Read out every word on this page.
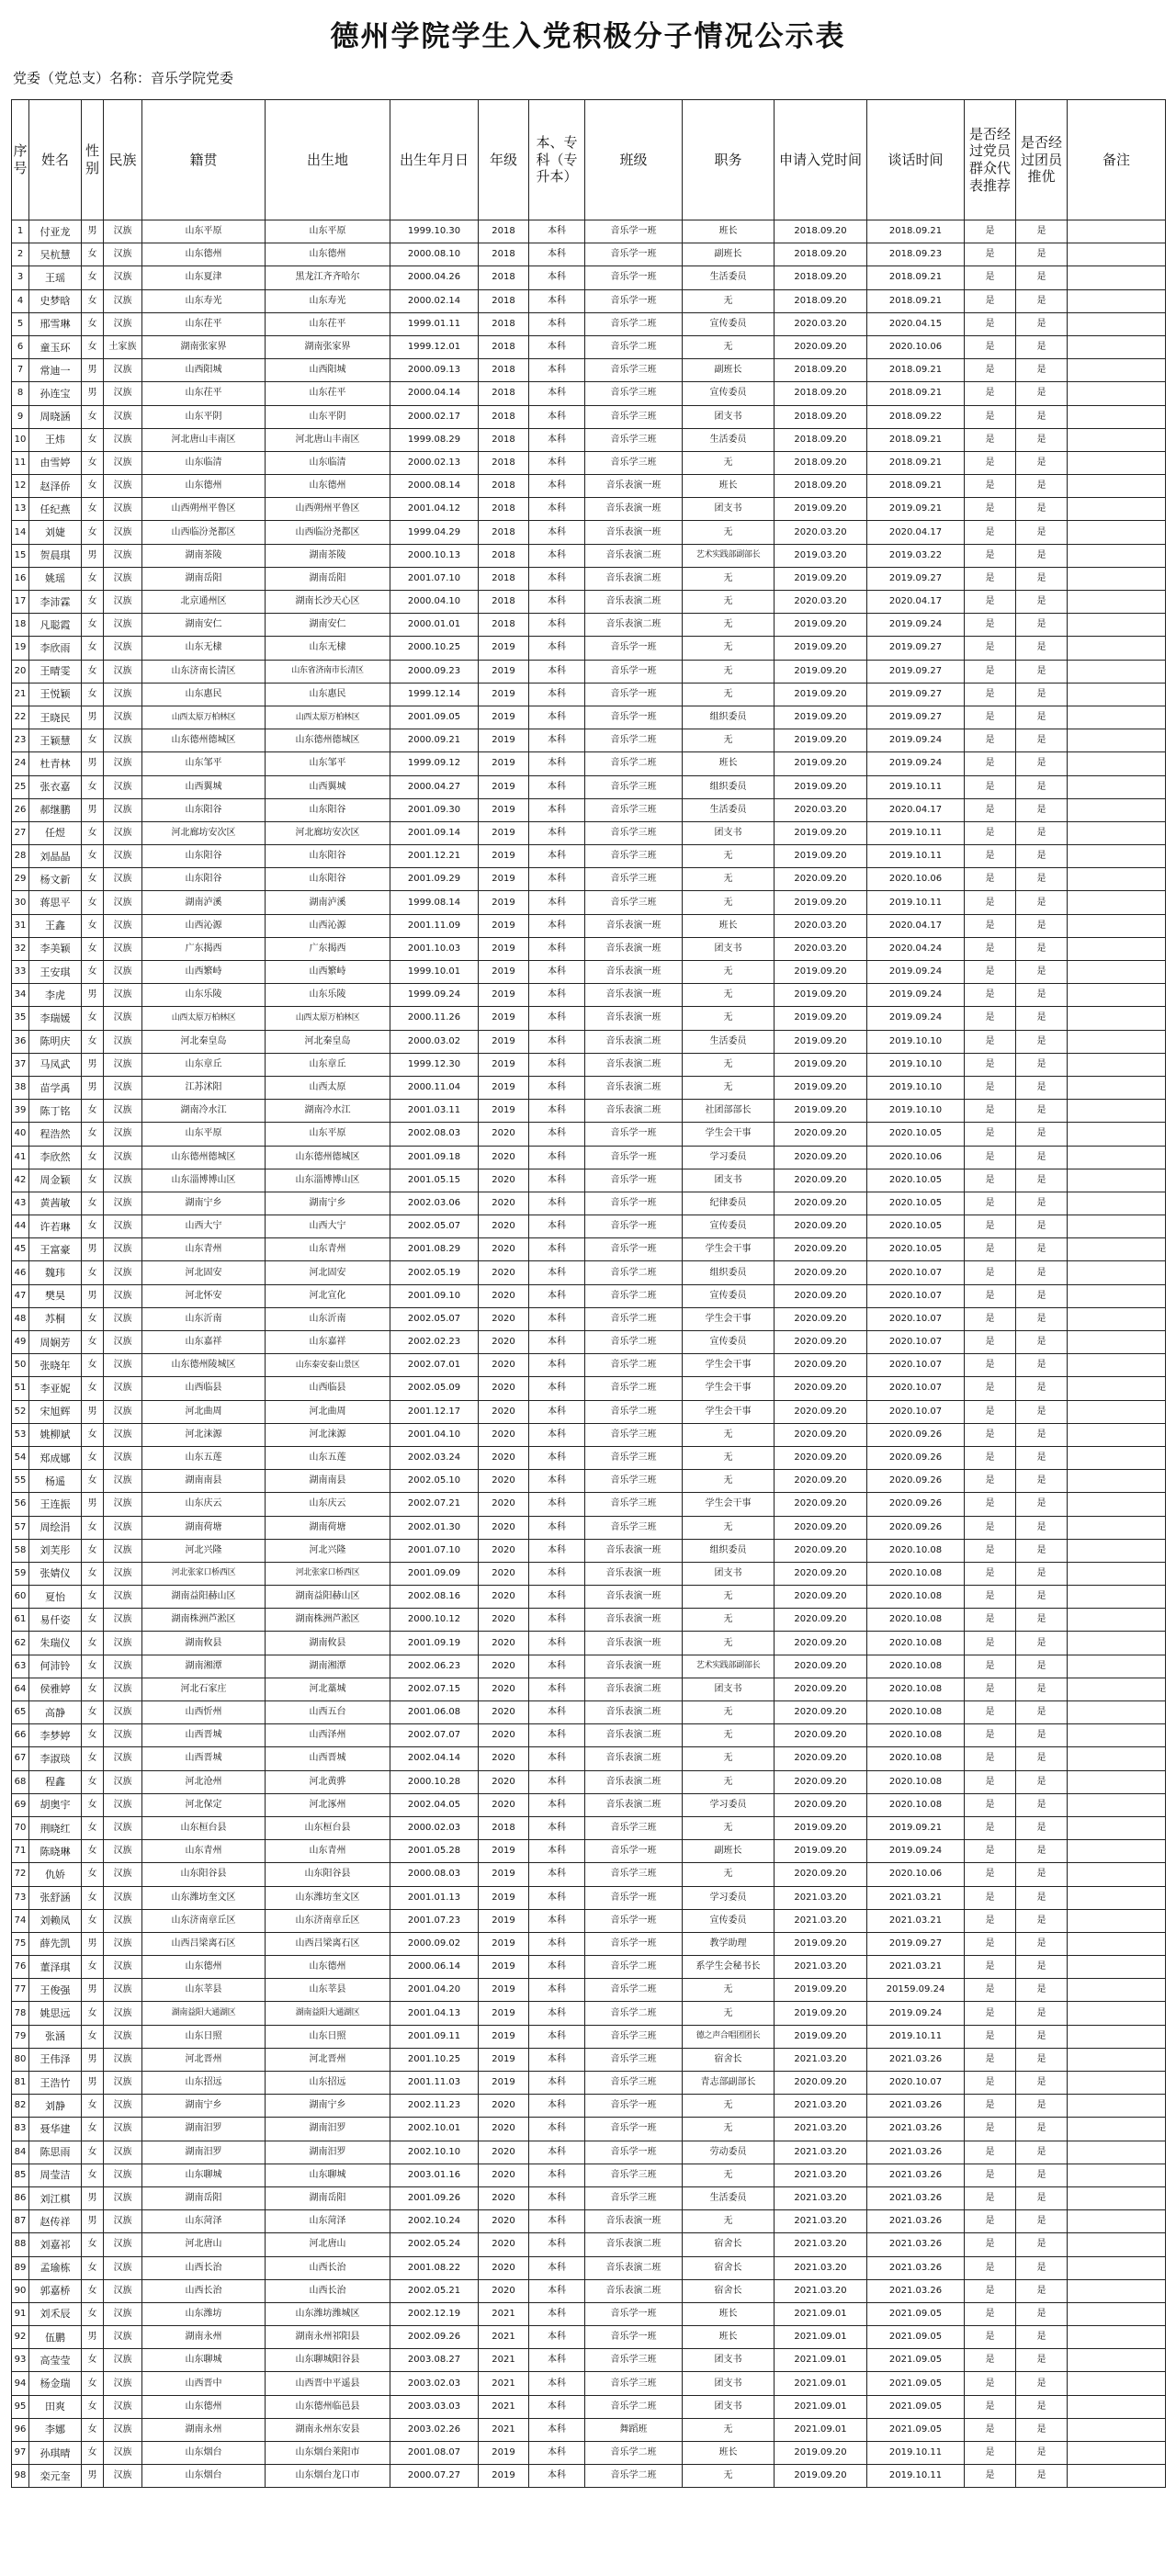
德州学院学生入党积极分子情况公示表
党委（党总支）名称：音乐学院党委
序号	姓名	性别	民族	籍贯	出生地	出生年月日	年级	本、专科（专升本）	班级	职务	申请入党时间	谈话时间	是否经过党员群众代表推荐	是否经过团员推优	备注
1	付亚龙	男	汉族	山东平原	山东平原	1999.10.30	2018	本科	音乐学一班	班长	2018.09.20	2018.09.21	是	是	
2	吴杭慧	女	汉族	山东德州	山东德州	2000.08.10	2018	本科	音乐学一班	副班长	2018.09.20	2018.09.23	是	是	
3	王瑶	女	汉族	山东夏津	黑龙江齐齐哈尔	2000.04.26	2018	本科	音乐学一班	生活委员	2018.09.20	2018.09.21	是	是	
4	史梦晗	女	汉族	山东寿光	山东寿光	2000.02.14	2018	本科	音乐学一班	无	2018.09.20	2018.09.21	是	是	
5	邢雪琳	女	汉族	山东茌平	山东茌平	1999.01.11	2018	本科	音乐学二班	宣传委员	2020.03.20	2020.04.15	是	是	
6	童玉环	女	土家族	湖南张家界	湖南张家界	1999.12.01	2018	本科	音乐学二班	无	2020.09.20	2020.10.06	是	是	
7	常迪一	男	汉族	山西阳城	山西阳城	2000.09.13	2018	本科	音乐学三班	副班长	2018.09.20	2018.09.21	是	是	
8	孙连宝	男	汉族	山东茌平	山东茌平	2000.04.14	2018	本科	音乐学三班	宣传委员	2018.09.20	2018.09.21	是	是	
9	周晓涵	女	汉族	山东平阴	山东平阴	2000.02.17	2018	本科	音乐学三班	团支书	2018.09.20	2018.09.22	是	是	
10	王炜	女	汉族	河北唐山丰南区	河北唐山丰南区	1999.08.29	2018	本科	音乐学三班	生活委员	2018.09.20	2018.09.21	是	是	
11	由雪婷	女	汉族	山东临清	山东临清	2000.02.13	2018	本科	音乐学三班	无	2018.09.20	2018.09.21	是	是	
12	赵泽侨	女	汉族	山东德州	山东德州	2000.08.14	2018	本科	音乐表演一班	班长	2018.09.20	2018.09.21	是	是	
13	任纪燕	女	汉族	山西朔州平鲁区	山西朔州平鲁区	2001.04.12	2018	本科	音乐表演一班	团支书	2019.09.20	2019.09.21	是	是	
14	刘婕	女	汉族	山西临汾尧都区	山西临汾尧都区	1999.04.29	2018	本科	音乐表演一班	无	2020.03.20	2020.04.17	是	是	
15	贺晨琪	男	汉族	湖南茶陵	湖南茶陵	2000.10.13	2018	本科	音乐表演二班	艺术实践部副部长	2019.03.20	2019.03.22	是	是	
16	姚瑶	女	汉族	湖南岳阳	湖南岳阳	2001.07.10	2018	本科	音乐表演二班	无	2019.09.20	2019.09.27	是	是	
17	李沛霖	女	汉族	北京通州区	湖南长沙天心区	2000.04.10	2018	本科	音乐表演二班	无	2020.03.20	2020.04.17	是	是	
18	凡聪霞	女	汉族	湖南安仁	湖南安仁	2000.01.01	2018	本科	音乐表演二班	无	2019.09.20	2019.09.24	是	是	
19	李欣雨	女	汉族	山东无棣	山东无棣	2000.10.25	2019	本科	音乐学一班	无	2019.09.20	2019.09.27	是	是	
20	王晴雯	女	汉族	山东济南长清区	山东省济南市长清区	2000.09.23	2019	本科	音乐学一班	无	2019.09.20	2019.09.27	是	是	
21	王悦颖	女	汉族	山东惠民	山东惠民	1999.12.14	2019	本科	音乐学一班	无	2019.09.20	2019.09.27	是	是	
22	王晓民	男	汉族	山西太原万柏林区	山西太原万柏林区	2001.09.05	2019	本科	音乐学一班	组织委员	2019.09.20	2019.09.27	是	是	
23	王颖慧	女	汉族	山东德州德城区	山东德州德城区	2000.09.21	2019	本科	音乐学二班	无	2019.09.20	2019.09.24	是	是	
24	杜青林	男	汉族	山东邹平	山东邹平	1999.09.12	2019	本科	音乐学二班	班长	2019.09.20	2019.09.24	是	是	
25	张衣嘉	女	汉族	山西翼城	山西翼城	2000.04.27	2019	本科	音乐学三班	组织委员	2019.09.20	2019.10.11	是	是	
26	郝继鹏	男	汉族	山东阳谷	山东阳谷	2001.09.30	2019	本科	音乐学三班	生活委员	2020.03.20	2020.04.17	是	是	
27	任煜	女	汉族	河北廊坊安次区	河北廊坊安次区	2001.09.14	2019	本科	音乐学三班	团支书	2019.09.20	2019.10.11	是	是	
28	刘晶晶	女	汉族	山东阳谷	山东阳谷	2001.12.21	2019	本科	音乐学三班	无	2019.09.20	2019.10.11	是	是	
29	杨文新	女	汉族	山东阳谷	山东阳谷	2001.09.29	2019	本科	音乐学三班	无	2020.09.20	2020.10.06	是	是	
30	蒋思平	女	汉族	湖南泸溪	湖南泸溪	1999.08.14	2019	本科	音乐学三班	无	2019.09.20	2019.10.11	是	是	
31	王鑫	女	汉族	山西沁源	山西沁源	2001.11.09	2019	本科	音乐表演一班	班长	2020.03.20	2020.04.17	是	是	
32	李美颖	女	汉族	广东揭西	广东揭西	2001.10.03	2019	本科	音乐表演一班	团支书	2020.03.20	2020.04.24	是	是	
33	王安琪	女	汉族	山西繁峙	山西繁峙	1999.10.01	2019	本科	音乐表演一班	无	2019.09.20	2019.09.24	是	是	
34	李虎	男	汉族	山东乐陵	山东乐陵	1999.09.24	2019	本科	音乐表演一班	无	2019.09.20	2019.09.24	是	是	
35	李瑞媛	女	汉族	山西太原万柏林区	山西太原万柏林区	2000.11.26	2019	本科	音乐表演一班	无	2019.09.20	2019.09.24	是	是	
36	陈明庆	女	汉族	河北秦皇岛	河北秦皇岛	2000.03.02	2019	本科	音乐表演二班	生活委员	2019.09.20	2019.10.10	是	是	
37	马凤武	男	汉族	山东章丘	山东章丘	1999.12.30	2019	本科	音乐表演二班	无	2019.09.20	2019.10.10	是	是	
38	苗学禹	男	汉族	江苏沭阳	山西太原	2000.11.04	2019	本科	音乐表演二班	无	2019.09.20	2019.10.10	是	是	
39	陈丁铭	女	汉族	湖南冷水江	湖南冷水江	2001.03.11	2019	本科	音乐表演二班	社团部部长	2019.09.20	2019.10.10	是	是	
40	程浩然	女	汉族	山东平原	山东平原	2002.08.03	2020	本科	音乐学一班	学生会干事	2020.09.20	2020.10.05	是	是	
41	李欣然	女	汉族	山东德州德城区	山东德州德城区	2001.09.18	2020	本科	音乐学一班	学习委员	2020.09.20	2020.10.06	是	是	
42	周金颖	女	汉族	山东淄博博山区	山东淄博博山区	2001.05.15	2020	本科	音乐学一班	团支书	2020.09.20	2020.10.05	是	是	
43	黄茜敏	女	汉族	湖南宁乡	湖南宁乡	2002.03.06	2020	本科	音乐学一班	纪律委员	2020.09.20	2020.10.05	是	是	
44	许若琳	女	汉族	山西大宁	山西大宁	2002.05.07	2020	本科	音乐学一班	宣传委员	2020.09.20	2020.10.05	是	是	
45	王富豪	男	汉族	山东青州	山东青州	2001.08.29	2020	本科	音乐学一班	学生会干事	2020.09.20	2020.10.05	是	是	
46	魏玮	女	汉族	河北固安	河北固安	2002.05.19	2020	本科	音乐学二班	组织委员	2020.09.20	2020.10.07	是	是	
47	樊昊	男	汉族	河北怀安	河北宣化	2001.09.10	2020	本科	音乐学二班	宣传委员	2020.09.20	2020.10.07	是	是	
48	苏桐	女	汉族	山东沂南	山东沂南	2002.05.07	2020	本科	音乐学二班	学生会干事	2020.09.20	2020.10.07	是	是	
49	周娴芳	女	汉族	山东嘉祥	山东嘉祥	2002.02.23	2020	本科	音乐学二班	宣传委员	2020.09.20	2020.10.07	是	是	
50	张晓年	女	汉族	山东德州陵城区	山东泰安泰山景区	2002.07.01	2020	本科	音乐学二班	学生会干事	2020.09.20	2020.10.07	是	是	
51	李亚妮	女	汉族	山西临县	山西临县	2002.05.09	2020	本科	音乐学二班	学生会干事	2020.09.20	2020.10.07	是	是	
52	宋旭辉	男	汉族	河北曲周	河北曲周	2001.12.17	2020	本科	音乐学二班	学生会干事	2020.09.20	2020.10.07	是	是	
53	姚柳斌	女	汉族	河北涞源	河北涞源	2001.04.10	2020	本科	音乐学三班	无	2020.09.20	2020.09.26	是	是	
54	郑成娜	女	汉族	山东五莲	山东五莲	2002.03.24	2020	本科	音乐学三班	无	2020.09.20	2020.09.26	是	是	
55	杨遥	女	汉族	湖南南县	湖南南县	2002.05.10	2020	本科	音乐学三班	无	2020.09.20	2020.09.26	是	是	
56	王连振	男	汉族	山东庆云	山东庆云	2002.07.21	2020	本科	音乐学三班	学生会干事	2020.09.20	2020.09.26	是	是	
57	周绘涓	女	汉族	湖南荷塘	湖南荷塘	2002.01.30	2020	本科	音乐学三班	无	2020.09.20	2020.09.26	是	是	
58	刘芙彤	女	汉族	河北兴隆	河北兴隆	2001.07.10	2020	本科	音乐表演一班	组织委员	2020.09.20	2020.10.08	是	是	
59	张婧仪	女	汉族	河北张家口桥西区	河北张家口桥西区	2001.09.09	2020	本科	音乐表演一班	团支书	2020.09.20	2020.10.08	是	是	
60	夏怡	女	汉族	湖南益阳赫山区	湖南益阳赫山区	2002.08.16	2020	本科	音乐表演一班	无	2020.09.20	2020.10.08	是	是	
61	易仟姿	女	汉族	湖南株洲芦淞区	湖南株洲芦淞区	2000.10.12	2020	本科	音乐表演一班	无	2020.09.20	2020.10.08	是	是	
62	朱瑞仪	女	汉族	湖南攸县	湖南攸县	2001.09.19	2020	本科	音乐表演一班	无	2020.09.20	2020.10.08	是	是	
63	何沛铃	女	汉族	湖南湘潭	湖南湘潭	2002.06.23	2020	本科	音乐表演一班	艺术实践部副部长	2020.09.20	2020.10.08	是	是	
64	侯雅婷	女	汉族	河北石家庄	河北藁城	2002.07.15	2020	本科	音乐表演二班	团支书	2020.09.20	2020.10.08	是	是	
65	高静	女	汉族	山西忻州	山西五台	2001.06.08	2020	本科	音乐表演二班	无	2020.09.20	2020.10.08	是	是	
66	李梦婷	女	汉族	山西晋城	山西泽州	2002.07.07	2020	本科	音乐表演二班	无	2020.09.20	2020.10.08	是	是	
67	李淑琰	女	汉族	山西晋城	山西晋城	2002.04.14	2020	本科	音乐表演二班	无	2020.09.20	2020.10.08	是	是	
68	程鑫	女	汉族	河北沧州	河北黄骅	2000.10.28	2020	本科	音乐表演二班	无	2020.09.20	2020.10.08	是	是	
69	胡奥宇	女	汉族	河北保定	河北涿州	2002.04.05	2020	本科	音乐表演二班	学习委员	2020.09.20	2020.10.08	是	是	
70	荆晓红	女	汉族	山东桓台县	山东桓台县	2000.02.03	2018	本科	音乐学三班	无	2019.09.20	2019.09.21	是	是	
71	陈晓琳	女	汉族	山东青州	山东青州	2001.05.28	2019	本科	音乐学一班	副班长	2019.09.20	2019.09.24	是	是	
72	仇娇	女	汉族	山东阳谷县	山东阳谷县	2000.08.03	2019	本科	音乐学三班	无	2020.09.20	2020.10.06	是	是	
73	张舒涵	女	汉族	山东潍坊奎文区	山东潍坊奎文区	2001.01.13	2019	本科	音乐学一班	学习委员	2021.03.20	2021.03.21	是	是	
74	刘赖凤	女	汉族	山东济南章丘区	山东济南章丘区	2001.07.23	2019	本科	音乐学一班	宣传委员	2021.03.20	2021.03.21	是	是	
75	薛先凯	男	汉族	山西吕梁离石区	山西吕梁离石区	2000.09.02	2019	本科	音乐学一班	教学助理	2019.09.20	2019.09.27	是	是	
76	董泽琪	女	汉族	山东德州	山东德州	2000.06.14	2019	本科	音乐学二班	系学生会秘书长	2021.03.20	2021.03.21	是	是	
77	王俊强	男	汉族	山东莘县	山东莘县	2001.04.20	2019	本科	音乐学二班	无	2019.09.20	20159.09.24	是	是	
78	姚思远	女	汉族	湖南益阳大通湖区	湖南益阳大通湖区	2001.04.13	2019	本科	音乐学二班	无	2019.09.20	2019.09.24	是	是	
79	张涵	女	汉族	山东日照	山东日照	2001.09.11	2019	本科	音乐学三班	德之声合唱团团长	2019.09.20	2019.10.11	是	是	
80	王伟泽	男	汉族	河北晋州	河北晋州	2001.10.25	2019	本科	音乐学三班	宿舍长	2021.03.20	2021.03.26	是	是	
81	王浩竹	男	汉族	山东招远	山东招远	2001.11.03	2019	本科	音乐学三班	青志部副部长	2020.09.20	2020.10.07	是	是	
82	刘静	女	汉族	湖南宁乡	湖南宁乡	2002.11.23	2020	本科	音乐学一班	无	2021.03.20	2021.03.26	是	是	
83	聂华建	女	汉族	湖南汨罗	湖南汨罗	2002.10.01	2020	本科	音乐学一班	无	2021.03.20	2021.03.26	是	是	
84	陈思雨	女	汉族	湖南汨罗	湖南汨罗	2002.10.10	2020	本科	音乐学一班	劳动委员	2021.03.20	2021.03.26	是	是	
85	周莹洁	女	汉族	山东聊城	山东聊城	2003.01.16	2020	本科	音乐学三班	无	2021.03.20	2021.03.26	是	是	
86	刘江棋	男	汉族	湖南岳阳	湖南岳阳	2001.09.26	2020	本科	音乐学三班	生活委员	2021.03.20	2021.03.26	是	是	
87	赵传祥	男	汉族	山东菏泽	山东菏泽	2002.10.24	2020	本科	音乐表演一班	无	2021.03.20	2021.03.26	是	是	
88	刘嘉祁	女	汉族	河北唐山	河北唐山	2002.05.24	2020	本科	音乐表演二班	宿舍长	2021.03.20	2021.03.26	是	是	
89	孟瑜栋	女	汉族	山西长治	山西长治	2001.08.22	2020	本科	音乐表演二班	宿舍长	2021.03.20	2021.03.26	是	是	
90	郭嘉桥	女	汉族	山西长治	山西长治	2002.05.21	2020	本科	音乐表演二班	宿舍长	2021.03.20	2021.03.26	是	是	
91	刘禾辰	女	汉族	山东潍坊	山东潍坊潍城区	2002.12.19	2021	本科	音乐学一班	班长	2021.09.01	2021.09.05	是	是	
92	伍鹏	男	汉族	湖南永州	湖南永州祁阳县	2002.09.26	2021	本科	音乐学一班	班长	2021.09.01	2021.09.05	是	是	
93	高莹莹	女	汉族	山东聊城	山东聊城阳谷县	2003.08.27	2021	本科	音乐学三班	团支书	2021.09.01	2021.09.05	是	是	
94	杨金瑞	女	汉族	山西晋中	山西晋中平遥县	2003.02.03	2021	本科	音乐学三班	团支书	2021.09.01	2021.09.05	是	是	
95	田爽	女	汉族	山东德州	山东德州临邑县	2003.03.03	2021	本科	音乐学二班	团支书	2021.09.01	2021.09.05	是	是	
96	李娜	女	汉族	湖南永州	湖南永州东安县	2003.02.26	2021	本科	舞蹈班	无	2021.09.01	2021.09.05	是	是	
97	孙琪晴	女	汉族	山东烟台	山东烟台莱阳市	2001.08.07	2019	本科	音乐学二班	班长	2019.09.20	2019.10.11	是	是	
98	栾元奎	男	汉族	山东烟台	山东烟台龙口市	2000.07.27	2019	本科	音乐学二班	无	2019.09.20	2019.10.11	是	是	
